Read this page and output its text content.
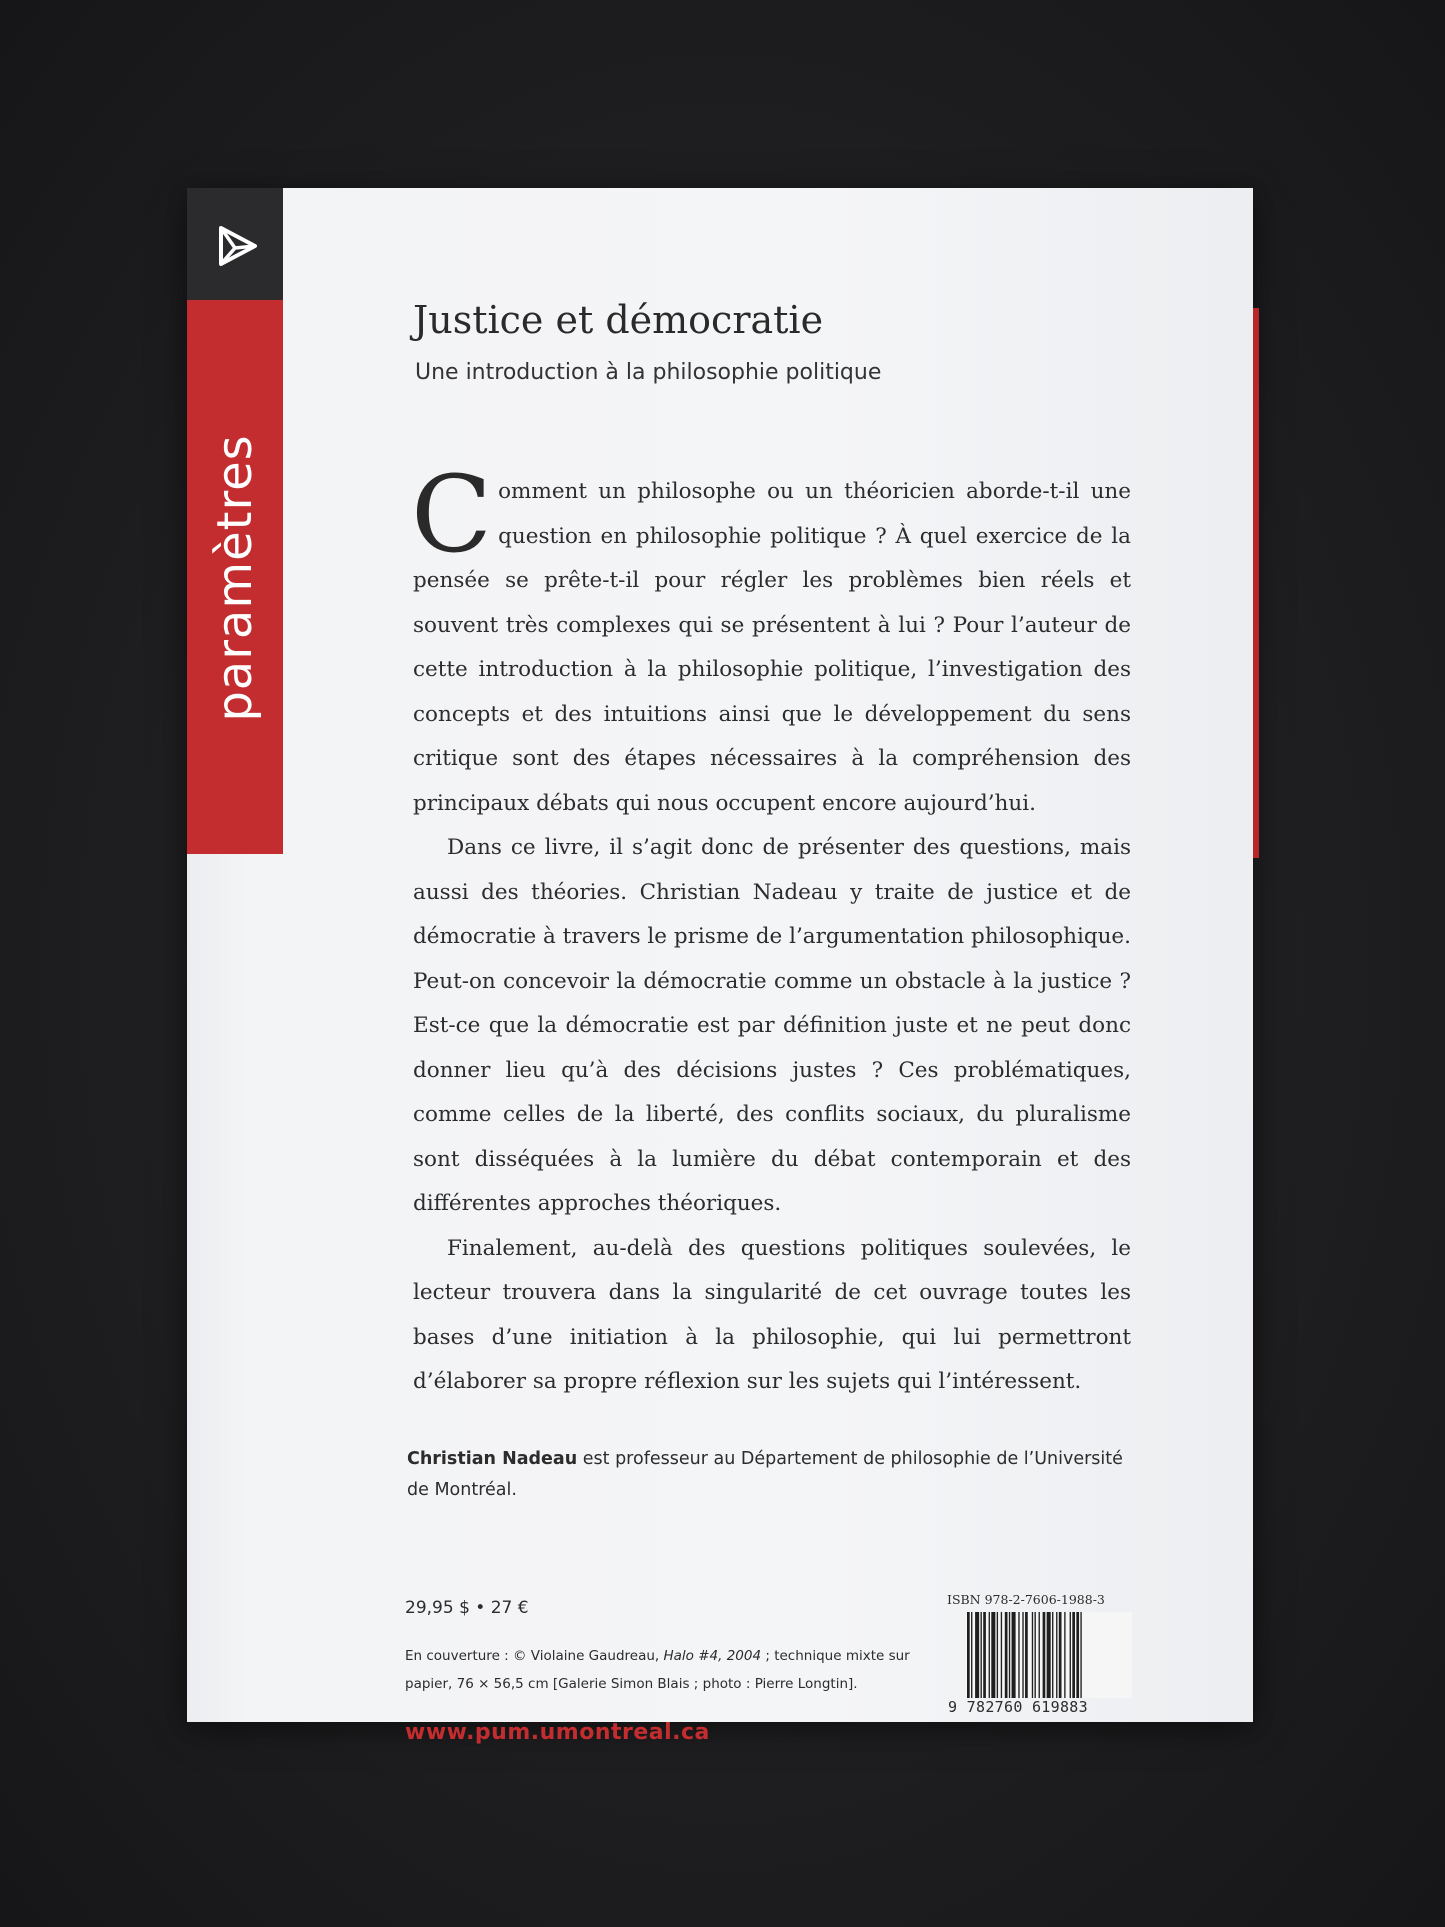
paramètres
Justice et démocratie
Une introduction à la philosophie politique

Comment un philosophe ou un théoricien aborde-t-il une question en philosophie politique ? À quel exercice de la pensée se prête-t-il pour régler les problèmes bien réels et souvent très complexes qui se présentent à lui ? Pour l’auteur de cette introduction à la philosophie politique, l’investigation des concepts et des intuitions ainsi que le développement du sens critique sont des étapes nécessaires à la compréhension des principaux débats qui nous occupent encore aujourd’hui.

Dans ce livre, il s’agit donc de présenter des questions, mais aussi des théories. Christian Nadeau y traite de justice et de démocratie à travers le prisme de l’argumentation philosophique. Peut-on concevoir la démocratie comme un obstacle à la justice ? Est-ce que la démocratie est par définition juste et ne peut donc donner lieu qu’à des décisions justes ? Ces problématiques, comme celles de la liberté, des conflits sociaux, du pluralisme sont disséquées à la lumière du débat contemporain et des différentes approches théoriques.

Finalement, au-delà des questions politiques soulevées, le lecteur trouvera dans la singularité de cet ouvrage toutes les bases d’une initiation à la philosophie, qui lui permettront d’élaborer sa propre réflexion sur les sujets qui l’intéressent.

Christian Nadeau est professeur au Département de philosophie de l’Université de Montréal.
29,95 $ • 27 €
En couverture : © Violaine Gaudreau, Halo #4, 2004 ; technique mixte sur papier, 76 × 56,5 cm [Galerie Simon Blais ; photo : Pierre Longtin].
www.pum.umontreal.ca
ISBN 978-2-7606-1988-3
9 782760 619883
